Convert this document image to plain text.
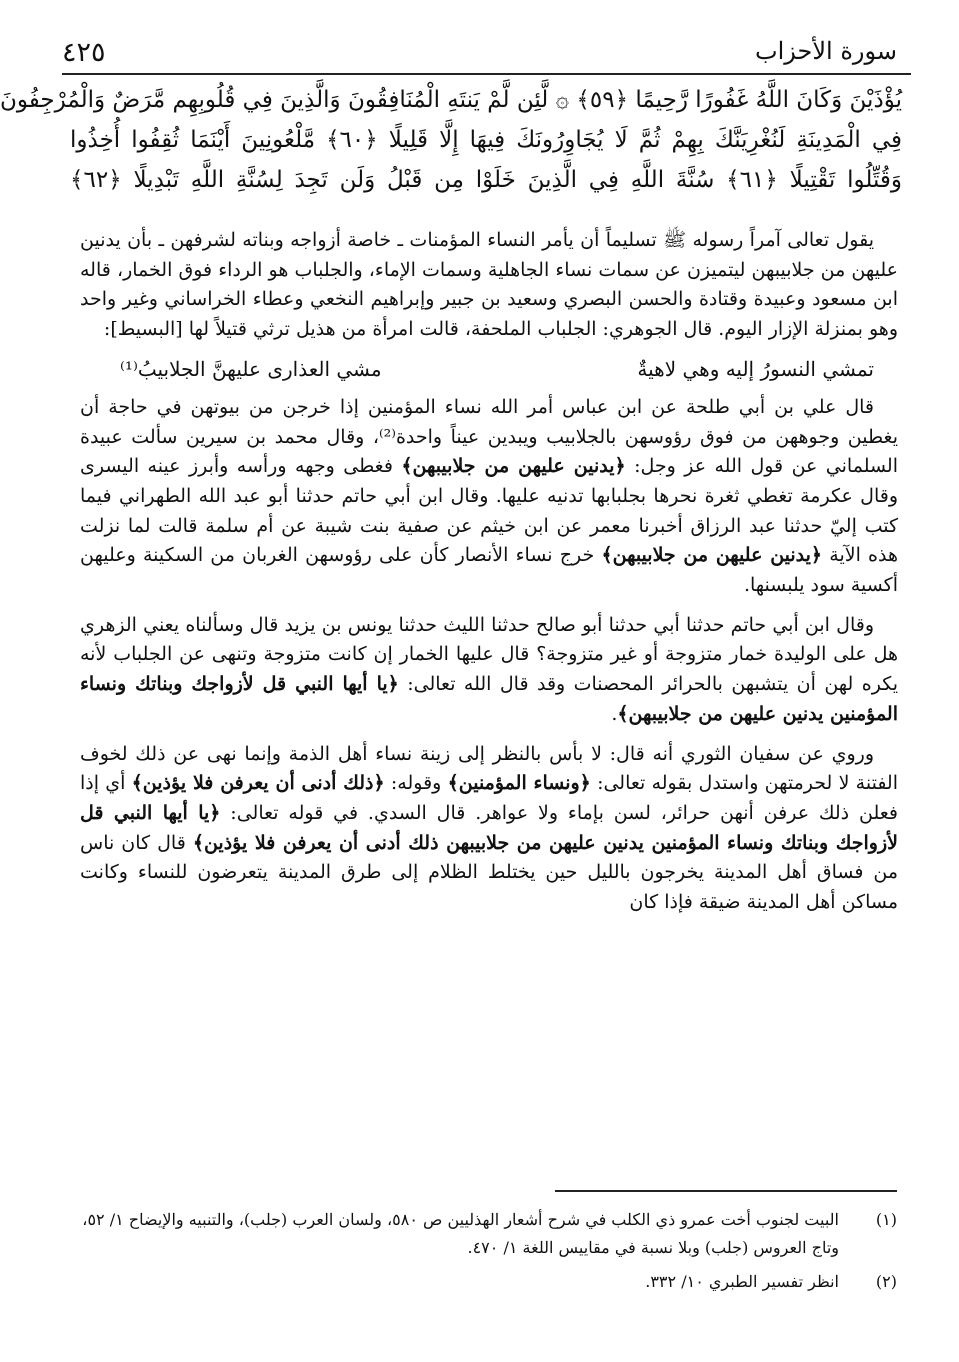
سورة الأحزاب
٤٢٥
يُؤْذَيْنَ وَكَانَ اللَّهُ غَفُورًا رَّحِيمًا ﴿٥٩﴾ ۞ لَّئِن لَّمْ يَنتَهِ الْمُنَافِقُونَ وَالَّذِينَ فِي قُلُوبِهِم مَّرَضٌ وَالْمُرْجِفُونَ
فِي الْمَدِينَةِ لَنُغْرِيَنَّكَ بِهِمْ ثُمَّ لَا يُجَاوِرُونَكَ فِيهَا إِلَّا قَلِيلًا ﴿٦٠﴾ مَّلْعُونِينَ أَيْنَمَا ثُقِفُوا أُخِذُوا
وَقُتِّلُوا تَقْتِيلًا ﴿٦١﴾ سُنَّةَ اللَّهِ فِي الَّذِينَ خَلَوْا مِن قَبْلُ وَلَن تَجِدَ لِسُنَّةِ اللَّهِ تَبْدِيلًا ﴿٦٢﴾

يقول تعالى آمراً رسوله ﷺ تسليماً أن يأمر النساء المؤمنات ـ خاصة أزواجه وبناته لشرفهن ـ بأن يدنين عليهن من جلابيبهن ليتميزن عن سمات نساء الجاهلية وسمات الإماء، والجلباب هو الرداء فوق الخمار، قاله ابن مسعود وعبيدة وقتادة والحسن البصري وسعيد بن جبير وإبراهيم النخعي وعطاء الخراساني وغير واحد وهو بمنزلة الإزار اليوم. قال الجوهري: الجلباب الملحفة، قالت امرأة من هذيل ترثي قتيلاً لها [البسيط]:

تمشي النسورُ إليه وهي لاهيةٌ
مشي العذارى عليهنَّ الجلابيبُ⁽¹⁾

قال علي بن أبي طلحة عن ابن عباس أمر الله نساء المؤمنين إذا خرجن من بيوتهن في حاجة أن يغطين وجوههن من فوق رؤوسهن بالجلابيب ويبدين عيناً واحدة⁽²⁾، وقال محمد بن سيرين سألت عبيدة السلماني عن قول الله عز وجل: ﴿يدنين عليهن من جلابيبهن﴾ فغطى وجهه ورأسه وأبرز عينه اليسرى وقال عكرمة تغطي ثغرة نحرها بجلبابها تدنيه عليها. وقال ابن أبي حاتم حدثنا أبو عبد الله الطهراني فيما كتب إليّ حدثنا عبد الرزاق أخبرنا معمر عن ابن خيثم عن صفية بنت شيبة عن أم سلمة قالت لما نزلت هذه الآية ﴿يدنين عليهن من جلابيبهن﴾ خرج نساء الأنصار كأن على رؤوسهن الغربان من السكينة وعليهن أكسية سود يلبسنها.

وقال ابن أبي حاتم حدثنا أبي حدثنا أبو صالح حدثنا الليث حدثنا يونس بن يزيد قال وسألناه يعني الزهري هل على الوليدة خمار متزوجة أو غير متزوجة؟ قال عليها الخمار إن كانت متزوجة وتنهى عن الجلباب لأنه يكره لهن أن يتشبهن بالحرائر المحصنات وقد قال الله تعالى: ﴿يا أيها النبي قل لأزواجك وبناتك ونساء المؤمنين يدنين عليهن من جلابيبهن﴾.

وروي عن سفيان الثوري أنه قال: لا بأس بالنظر إلى زينة نساء أهل الذمة وإنما نهى عن ذلك لخوف الفتنة لا لحرمتهن واستدل بقوله تعالى: ﴿ونساء المؤمنين﴾ وقوله: ﴿ذلك أدنى أن يعرفن فلا يؤذين﴾ أي إذا فعلن ذلك عرفن أنهن حرائر، لسن بإماء ولا عواهر. قال السدي. في قوله تعالى: ﴿يا أيها النبي قل لأزواجك وبناتك ونساء المؤمنين يدنين عليهن من جلابيبهن ذلك أدنى أن يعرفن فلا يؤذين﴾ قال كان ناس من فساق أهل المدينة يخرجون بالليل حين يختلط الظلام إلى طرق المدينة يتعرضون للنساء وكانت مساكن أهل المدينة ضيقة فإذا كان

(١)
البيت لجنوب أخت عمرو ذي الكلب في شرح أشعار الهذليين ص ٥٨٠، ولسان العرب (جلب)، والتنبيه والإيضاح ١/ ٥٢، وتاج العروس (جلب) وبلا نسبة في مقاييس اللغة ١/ ٤٧٠.
(٢)
انظر تفسير الطبري ١٠/ ٣٣٢.
